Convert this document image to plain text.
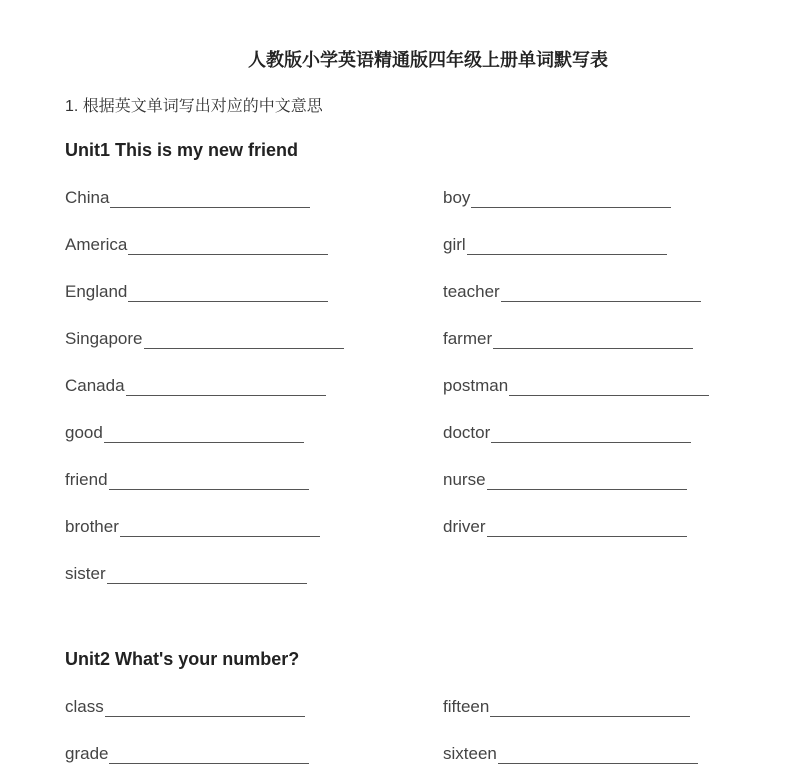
人教版小学英语精通版四年级上册单词默写表
1. 根据英文单词写出对应的中文意思
Unit1 This is my new friend
Unit2 What's your number?
China
America
England
Singapore
Canada
good
friend
brother
sister
boy
girl
teacher
farmer
postman
doctor
nurse
driver
class
grade
fifteen
sixteen
